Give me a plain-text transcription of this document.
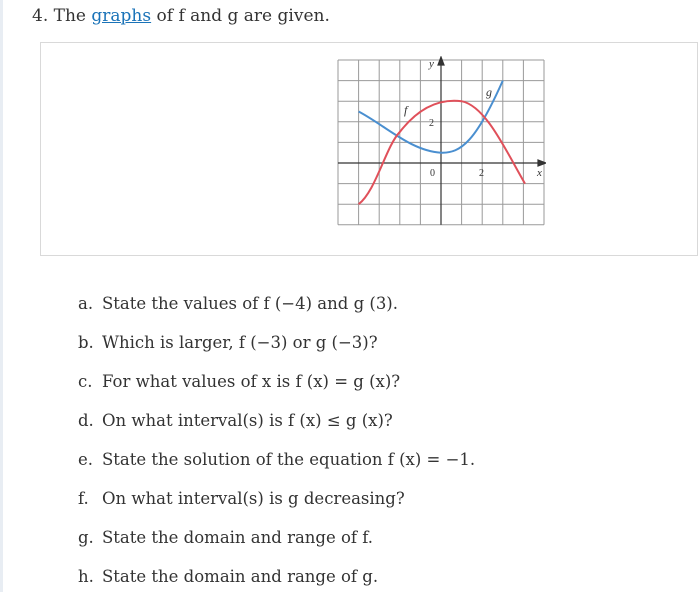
4. The graphs of f and g are given.
f
g
y
x
0	2
2
a. State the values of f (−4) and g (3).
b. Which is larger, f (−3) or g (−3)?
c. For what values of x is f (x) = g (x)?
d. On what interval(s) is f (x) ≤ g (x)?
e. State the solution of the equation f (x) = −1.
f. On what interval(s) is g decreasing?
g. State the domain and range of f.
h. State the domain and range of g.
